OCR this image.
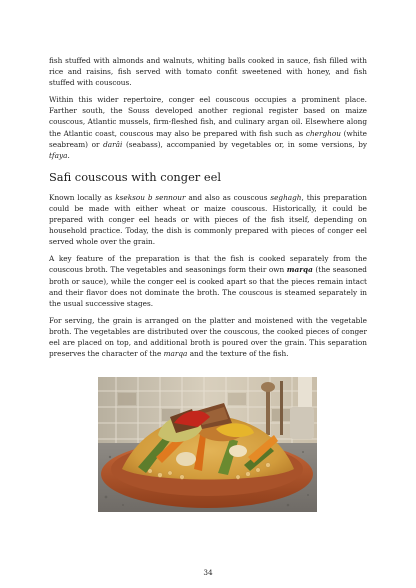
fish stuffed with almonds and walnuts, whiting balls cooked in sauce, fish filled with rice and raisins, fish served with tomato confit sweetened with honey, and fish stuffed with couscous.

Within this wider repertoire, conger eel couscous occupies a prominent place. Farther south, the Souss developed another regional register based on maize couscous, Atlantic mussels, firm-fleshed fish, and culinary argan oil. Elsewhere along the Atlantic coast, couscous may also be prepared with fish such as cherghou (white seabream) or darâi (seabass), accompanied by vegetables or, in some versions, by tfaya.

Safi couscous with conger eel

Known locally as kseksou b sennour and also as couscous seghagh, this preparation could be made with either wheat or maize couscous. Historically, it could be prepared with conger eel heads or with pieces of the fish itself, depending on household practice. Today, the dish is commonly prepared with pieces of conger eel served whole over the grain.

A key feature of the preparation is that the fish is cooked separately from the couscous broth. The vegetables and seasonings form their own marqa (the seasoned broth or sauce), while the conger eel is cooked apart so that the pieces remain intact and their flavor does not dominate the broth. The couscous is steamed separately in the usual successive stages.

For serving, the grain is arranged on the platter and moistened with the vegetable broth. The vegetables are distributed over the couscous, the cooked pieces of conger eel are placed on top, and additional broth is poured over the grain. This separation preserves the character of the marqa and the texture of the fish.

34
